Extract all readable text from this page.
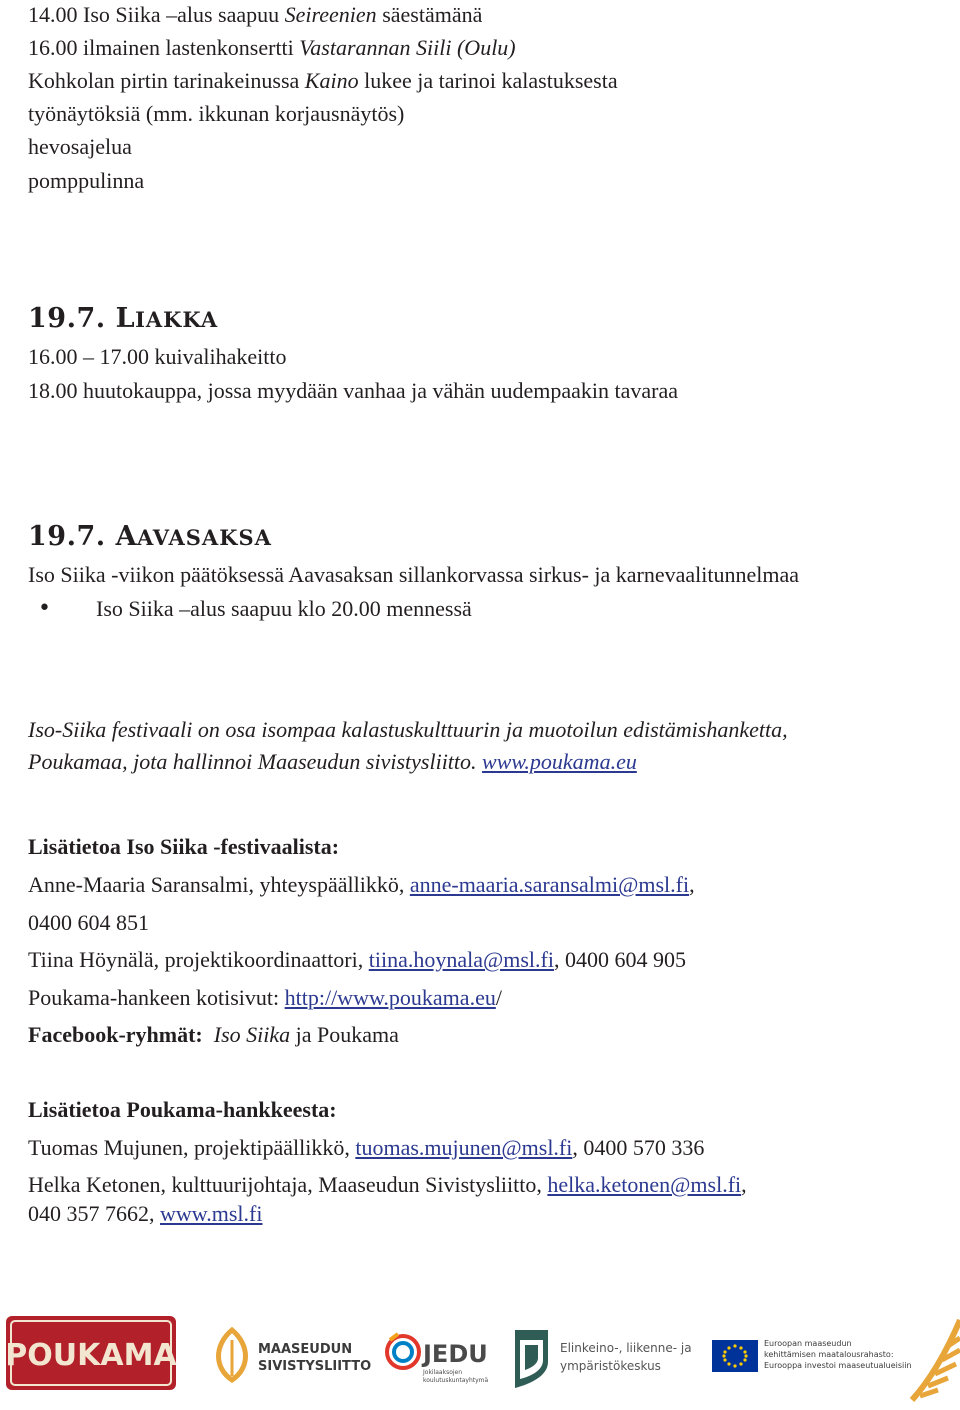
14.00 Iso Siika –alus saapuu Seireenien säestämänä
16.00 ilmainen lastenkonsertti Vastarannan Siili (Oulu)
Kohkolan pirtin tarinakeinussa Kaino lukee ja tarinoi kalastuksesta
työnäytöksiä (mm. ikkunan korjausnäytös)
hevosajelua
pomppulinna
19.7. LIAKKA
16.00 – 17.00 kuivalihakeitto
18.00 huutokauppa, jossa myydään vanhaa ja vähän uudempaakin tavaraa
19.7. AAVASAKSA
Iso Siika -viikon päätöksessä Aavasaksan sillankorvassa sirkus- ja karnevaalitunnelmaa
• Iso Siika –alus saapuu klo 20.00 mennessä
Iso-Siika festivaali on osa isompaa kalastuskulttuurin ja muotoilun edistämishanketta,
Poukamaa, jota hallinnoi Maaseudun sivistysliitto. www.poukama.eu
Lisätietoa Iso Siika -festivaalista:
Anne-Maaria Saransalmi, yhteyspäällikkö, anne-maaria.saransalmi@msl.fi,
0400 604 851
Tiina Höynälä, projektikoordinaattori, tiina.hoynala@msl.fi, 0400 604 905
Poukama-hankeen kotisivut: http://www.poukama.eu/
Facebook-ryhmät: Iso Siika ja Poukama
Lisätietoa Poukama-hankkeesta:
Tuomas Mujunen, projektipäällikkö, tuomas.mujunen@msl.fi, 0400 570 336
Helka Ketonen, kulttuurijohtaja, Maaseudun Sivistysliitto, helka.ketonen@msl.fi,
040 357 7662, www.msl.fi
POUKAMA	MAASEUDUN
SIVISTYSLIITTO JEDU
Jokilaaksojen
koulutuskuntayhtymä
Elinkeino-, liikenne- ja
ympäristökeskus
Euroopan maaseudun
kehittämisen maatalousrahasto:
Eurooppa investoi maaseutualueisiin
